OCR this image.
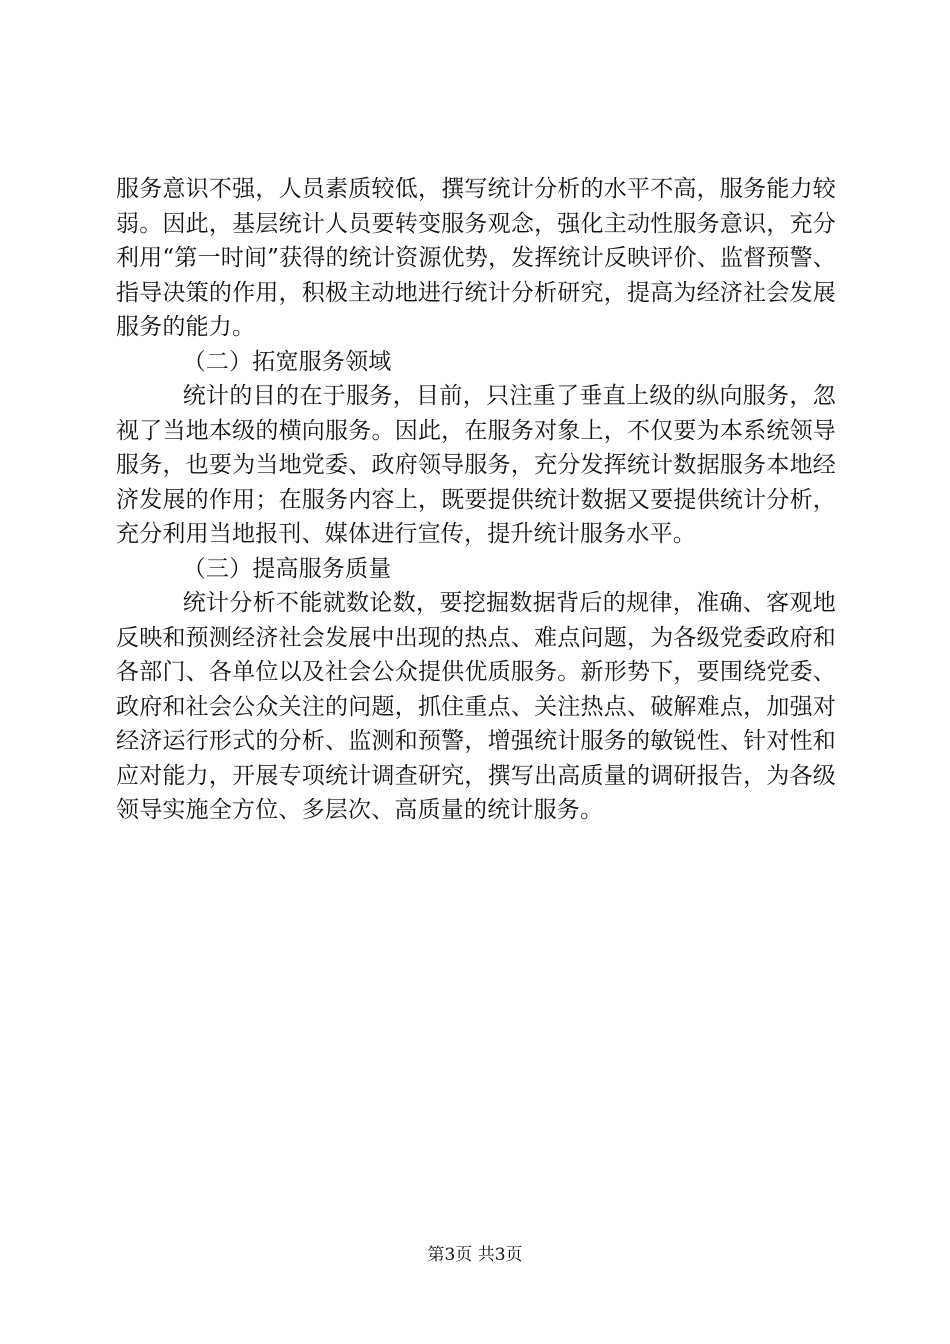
服务意识不强，人员素质较低，撰写统计分析的水平不高，服务能力较弱。因此，基层统计人员要转变服务观念，强化主动性服务意识，充分利用“第一时间”获得的统计资源优势，发挥统计反映评价、监督预警、指导决策的作用，积极主动地进行统计分析研究，提高为经济社会发展服务的能力。

（二）拓宽服务领域

统计的目的在于服务，目前，只注重了垂直上级的纵向服务，忽视了当地本级的横向服务。因此，在服务对象上，不仅要为本系统领导服务，也要为当地党委、政府领导服务，充分发挥统计数据服务本地经济发展的作用；在服务内容上，既要提供统计数据又要提供统计分析，充分利用当地报刊、媒体进行宣传，提升统计服务水平。

（三）提高服务质量

统计分析不能就数论数，要挖掘数据背后的规律，准确、客观地反映和预测经济社会发展中出现的热点、难点问题，为各级党委政府和各部门、各单位以及社会公众提供优质服务。新形势下，要围绕党委、政府和社会公众关注的问题，抓住重点、关注热点、破解难点，加强对经济运行形式的分析、监测和预警，增强统计服务的敏锐性、针对性和应对能力，开展专项统计调查研究，撰写出高质量的调研报告，为各级领导实施全方位、多层次、高质量的统计服务。

第3页 共3页
